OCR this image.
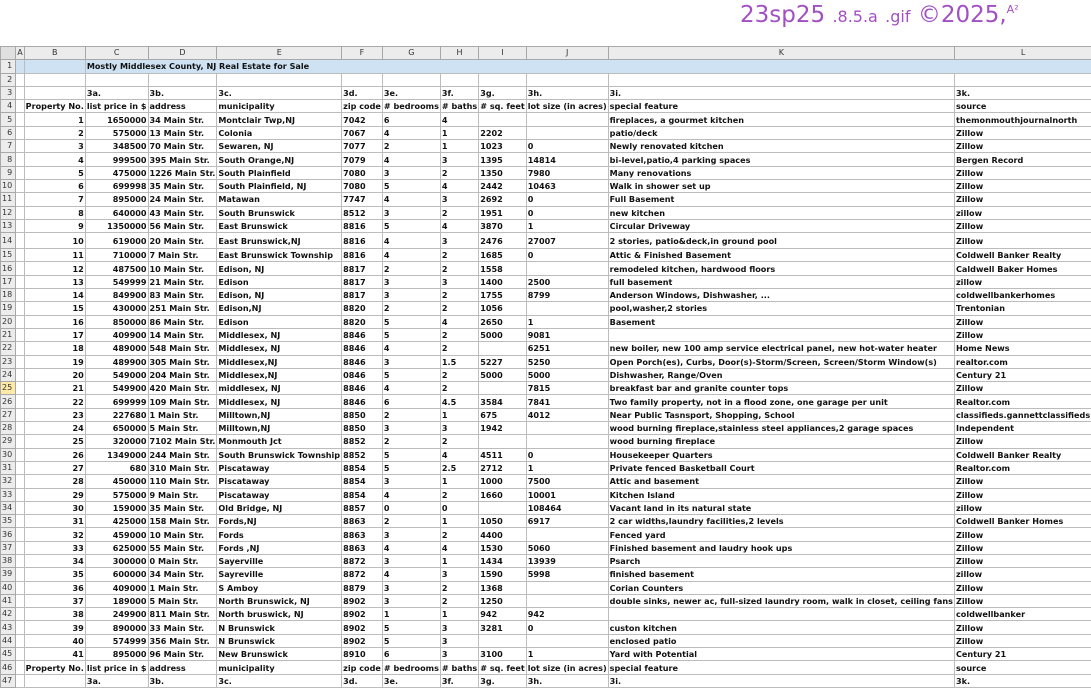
23sp25 .8.5.a .gif ©2025,$^{A^2}$
	A	B	C	D	E	F	G	H	I	J	K	L
1			Mostly Middlesex County, NJ Real Estate for Sale									
2												
3			3a.	3b.	3c.	3d.	3e.	3f.	3g.	3h.	3i.	3k.
4		Property No.	list price in $	address	municipality	zip code	# bedrooms	# baths	# sq. feet	lot size (in acres)	special feature	source
5		1	1650000	34 Main Str.	Montclair Twp,NJ	7042	6	4			fireplaces, a gourmet kitchen	themonmouthjournalnorth
6		2	575000	13 Main Str.	Colonia	7067	4	1	2202		patio/deck	Zillow
7		3	348500	70 Main Str.	Sewaren, NJ	7077	2	1	1023	0	Newly renovated kitchen	Zillow
8		4	999500	395 Main Str.	South Orange,NJ	7079	4	3	1395	14814	bi-level,patio,4 parking spaces	Bergen Record
9		5	475000	1226 Main Str.	South Plainfield	7080	3	2	1350	7980	Many renovations	Zillow
10		6	699998	35 Main Str.	South Plainfield, NJ	7080	5	4	2442	10463	Walk in shower set up	Zillow
11		7	895000	24 Main Str.	Matawan	7747	4	3	2692	0	Full Basement	Zillow
12		8	640000	43 Main Str.	South Brunswick	8512	3	2	1951	0	new kitchen	zillow
13		9	1350000	56 Main Str.	East Brunswick	8816	5	4	3870	1	Circular Driveway	Zillow
14		10	619000	20 Main Str.	East Brunswick,NJ	8816	4	3	2476	27007	2 stories, patio&deck,in ground pool	Zillow
15		11	710000	7 Main Str.	East Brunswick Township	8816	4	2	1685	0	Attic & Finished Basement	Coldwell Banker Realty
16		12	487500	10 Main Str.	Edison, NJ	8817	2	2	1558		remodeled kitchen, hardwood floors	Caldwell Baker Homes
17		13	549999	21 Main Str.	Edison	8817	3	3	1400	2500	full basement	zillow
18		14	849900	83 Main Str.	Edison, NJ	8817	3	2	1755	8799	Anderson Windows, Dishwasher, ...	coldwellbankerhomes
19		15	430000	251 Main Str.	Edison,NJ	8820	2	2	1056		pool,washer,2 stories	Trentonian
20		16	850000	86 Main Str.	Edison	8820	5	4	2650	1	Basement	Zillow
21		17	409900	14 Main Str.	Middlesex, NJ	8846	5	2	5000	9081		Zillow
22		18	489000	548 Main Str.	Middlesex, NJ	8846	4	2		6251	new boiler, new 100 amp service electrical panel, new hot-water heater	Home News
23		19	489900	305 Main Str.	Middlesex,NJ	8846	3	1.5	5227	5250	Open Porch(es), Curbs, Door(s)-Storm/Screen, Screen/Storm Window(s)	realtor.com
24		20	549000	204 Main Str.	Middlesex,NJ	0846	5	2	5000	5000	Dishwasher, Range/Oven	Century 21
25		21	549900	420 Main Str.	middlesex, NJ	8846	4	2		7815	breakfast bar and granite counter tops	Zillow
26		22	699999	109 Main Str.	Middlesex, NJ	8846	6	4.5	3584	7841	Two family property, not in a flood zone, one garage per unit	Realtor.com
27		23	227680	1 Main Str.	Milltown,NJ	8850	2	1	675	4012	Near Public Tasnsport, Shopping, School	classifieds.gannettclassifieds
28		24	650000	5 Main Str.	Milltown,NJ	8850	3	3	1942		wood burning fireplace,stainless steel appliances,2 garage spaces	Independent
29		25	320000	7102 Main Str.	Monmouth Jct	8852	2	2			wood burning fireplace	Zillow
30		26	1349000	244 Main Str.	South Brunswick Township	8852	5	4	4511	0	Housekeeper Quarters	Coldwell Banker Realty
31		27	680	310 Main Str.	Piscataway	8854	5	2.5	2712	1	Private fenced Basketball Court	Realtor.com
32		28	450000	110 Main Str.	Piscataway	8854	3	1	1000	7500	Attic and basement	Zillow
33		29	575000	9 Main Str.	Piscataway	8854	4	2	1660	10001	Kitchen Island	Zillow
34		30	159000	35 Main Str.	Old Bridge, NJ	8857	0	0		108464	Vacant land in its natural state	zillow
35		31	425000	158 Main Str.	Fords,NJ	8863	2	1	1050	6917	2 car widths,laundry facilities,2 levels	Coldwell Banker Homes
36		32	459000	10 Main Str.	Fords	8863	3	2	4400		Fenced yard	Zillow
37		33	625000	55 Main Str.	Fords ,NJ	8863	4	4	1530	5060	Finished basement and laudry hook ups	Zillow
38		34	300000	0 Main Str.	Sayerville	8872	3	1	1434	13939	Psarch	Zillow
39		35	600000	34 Main Str.	Sayreville	8872	4	3	1590	5998	finished basement	zillow
40		36	409000	1 Main Str.	S Amboy	8879	3	2	1368		Corian Counters	Zillow
41		37	189000	5 Main Str.	North Brunswick, NJ	8902	3	2	1250		double sinks, newer ac, full-sized laundry room, walk in closet, ceiling fans	Zillow
42		38	249900	811 Main Str.	North bruswick, NJ	8902	1	1	942	942		coldwellbanker
43		39	890000	33 Main Str.	N Brunswick	8902	5	3	3281	0	custon kitchen	Zillow
44		40	574999	356 Main Str.	N Brunswick	8902	5	3			enclosed patio	Zillow
45		41	895000	96 Main Str.	New Brunswick	8910	6	3	3100	1	Yard with Potential	Century 21
46		Property No.	list price in $	address	municipality	zip code	# bedrooms	# baths	# sq. feet	lot size (in acres)	special feature	source
47			3a.	3b.	3c.	3d.	3e.	3f.	3g.	3h.	3i.	3k.
